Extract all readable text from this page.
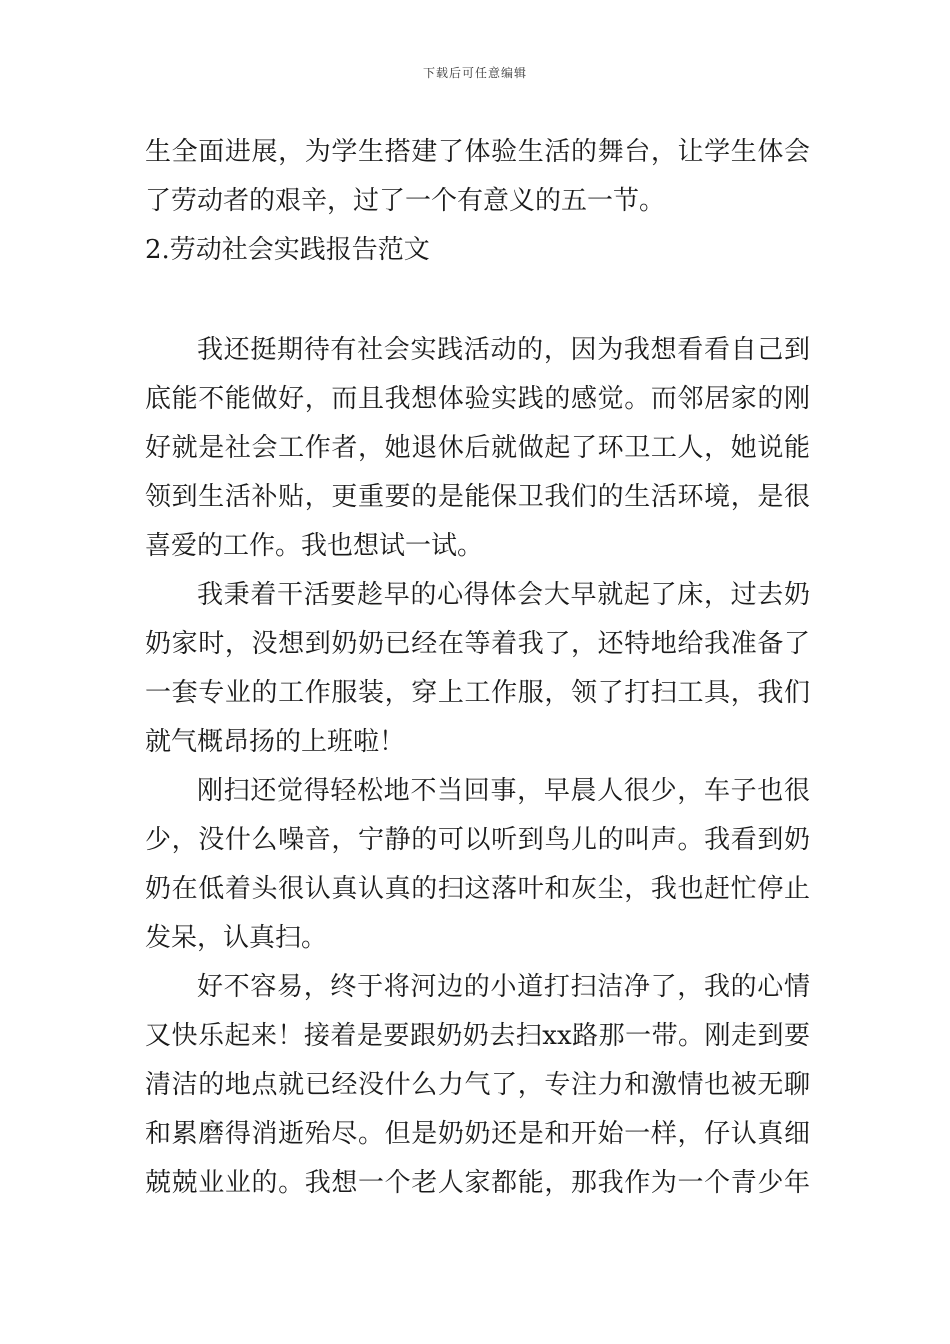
下载后可任意编辑
生全面进展，为学生搭建了体验生活的舞台，让学生体会
了劳动者的艰辛，过了一个有意义的五一节。
2.劳动社会实践报告范文
我还挺期待有社会实践活动的，因为我想看看自己到
底能不能做好，而且我想体验实践的感觉。而邻居家的刚
好就是社会工作者，她退休后就做起了环卫工人，她说能
领到生活补贴，更重要的是能保卫我们的生活环境，是很
喜爱的工作。我也想试一试。
我秉着干活要趁早的心得体会大早就起了床，过去奶
奶家时，没想到奶奶已经在等着我了，还特地给我准备了
一套专业的工作服装，穿上工作服，领了打扫工具，我们
就气概昂扬的上班啦！
刚扫还觉得轻松地不当回事，早晨人很少，车子也很
少，没什么噪音，宁静的可以听到鸟儿的叫声。我看到奶
奶在低着头很认真认真的扫这落叶和灰尘，我也赶忙停止
发呆，认真扫。
好不容易，终于将河边的小道打扫洁净了，我的心情
又快乐起来！接着是要跟奶奶去扫xx路那一带。刚走到要
清洁的地点就已经没什么力气了，专注力和激情也被无聊
和累磨得消逝殆尽。但是奶奶还是和开始一样，仔认真细
兢兢业业的。我想一个老人家都能，那我作为一个青少年
